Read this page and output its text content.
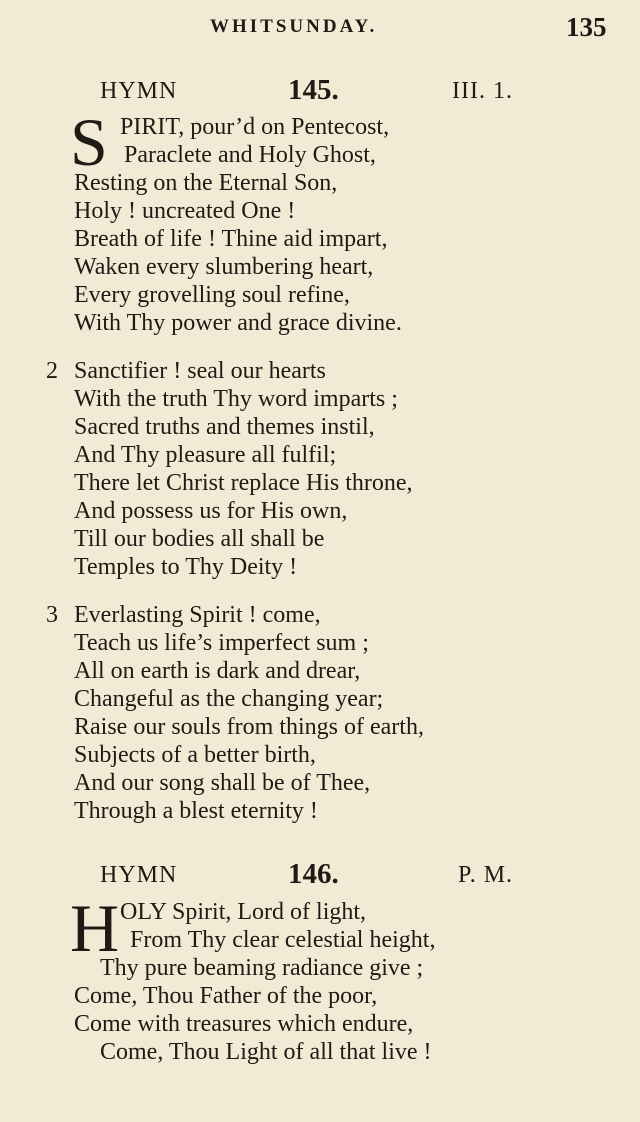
WHITSUNDAY.	135
HYMN	145.	III. 1.
S PIRIT, pour’d on Pentecost,
Paraclete and Holy Ghost,
Resting on the Eternal Son,
Holy ! uncreated One !
Breath of life ! Thine aid impart,
Waken every slumbering heart,
Every grovelling soul refine,
With Thy power and grace divine.
2 Sanctifier ! seal our hearts
With the truth Thy word imparts ;
Sacred truths and themes instil,
And Thy pleasure all fulfil;
There let Christ replace His throne,
And possess us for His own,
Till our bodies all shall be
Temples to Thy Deity !
3 Everlasting Spirit ! come,
Teach us life’s imperfect sum ;
All on earth is dark and drear,
Changeful as the changing year;
Raise our souls from things of earth,
Subjects of a better birth,
And our song shall be of Thee,
Through a blest eternity !
HYMN	146.	P. M.
H OLY Spirit, Lord of light,
From Thy clear celestial height,
Thy pure beaming radiance give ;
Come, Thou Father of the poor,
Come with treasures which endure,
Come, Thou Light of all that live !
